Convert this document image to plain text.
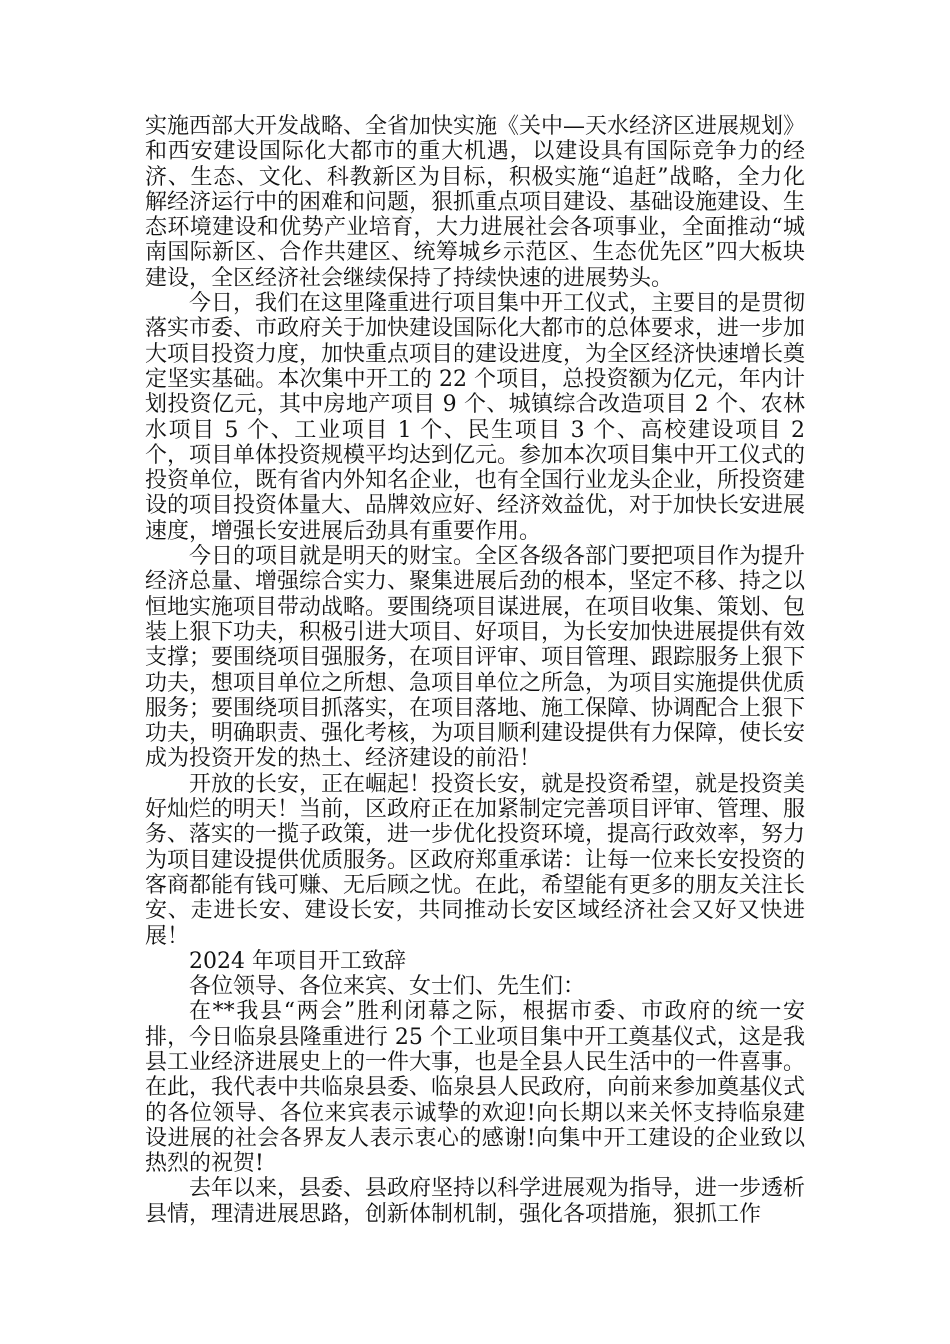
实施西部大开发战略、全省加快实施《关中—天水经济区进展规划》和西安建设国际化大都市的重大机遇，以建设具有国际竞争力的经济、生态、文化、科教新区为目标，积极实施“追赶”战略，全力化解经济运行中的困难和问题，狠抓重点项目建设、基础设施建设、生态环境建设和优势产业培育，大力进展社会各项事业，全面推动“城南国际新区、合作共建区、统筹城乡示范区、生态优先区”四大板块建设，全区经济社会继续保持了持续快速的进展势头。

今日，我们在这里隆重进行项目集中开工仪式，主要目的是贯彻落实市委、市政府关于加快建设国际化大都市的总体要求，进一步加大项目投资力度，加快重点项目的建设进度，为全区经济快速增长奠定坚实基础。本次集中开工的 22 个项目，总投资额为亿元，年内计划投资亿元，其中房地产项目 9 个、城镇综合改造项目 2 个、农林水项目 5 个、工业项目 1 个、民生项目 3 个、高校建设项目 2 个，项目单体投资规模平均达到亿元。参加本次项目集中开工仪式的投资单位，既有省内外知名企业，也有全国行业龙头企业，所投资建设的项目投资体量大、品牌效应好、经济效益优，对于加快长安进展速度，增强长安进展后劲具有重要作用。

今日的项目就是明天的财宝。全区各级各部门要把项目作为提升经济总量、增强综合实力、聚集进展后劲的根本，坚定不移、持之以恒地实施项目带动战略。要围绕项目谋进展，在项目收集、策划、包装上狠下功夫，积极引进大项目、好项目，为长安加快进展提供有效支撑；要围绕项目强服务，在项目评审、项目管理、跟踪服务上狠下功夫，想项目单位之所想、急项目单位之所急，为项目实施提供优质服务；要围绕项目抓落实，在项目落地、施工保障、协调配合上狠下功夫，明确职责、强化考核，为项目顺利建设提供有力保障，使长安成为投资开发的热土、经济建设的前沿！

开放的长安，正在崛起！投资长安，就是投资希望，就是投资美好灿烂的明天！当前，区政府正在加紧制定完善项目评审、管理、服务、落实的一揽子政策，进一步优化投资环境，提高行政效率，努力为项目建设提供优质服务。区政府郑重承诺：让每一位来长安投资的客商都能有钱可赚、无后顾之忧。在此，希望能有更多的朋友关注长安、走进长安、建设长安，共同推动长安区域经济社会又好又快进展！

2024 年项目开工致辞

各位领导、各位来宾、女士们、先生们：

在**我县“两会”胜利闭幕之际，根据市委、市政府的统一安排，今日临泉县隆重进行 25 个工业项目集中开工奠基仪式，这是我县工业经济进展史上的一件大事，也是全县人民生活中的一件喜事。在此，我代表中共临泉县委、临泉县人民政府，向前来参加奠基仪式的各位领导、各位来宾表示诚挚的欢迎!向长期以来关怀支持临泉建设进展的社会各界友人表示衷心的感谢!向集中开工建设的企业致以热烈的祝贺!

去年以来，县委、县政府坚持以科学进展观为指导，进一步透析县情，理清进展思路，创新体制机制，强化各项措施，狠抓工作
